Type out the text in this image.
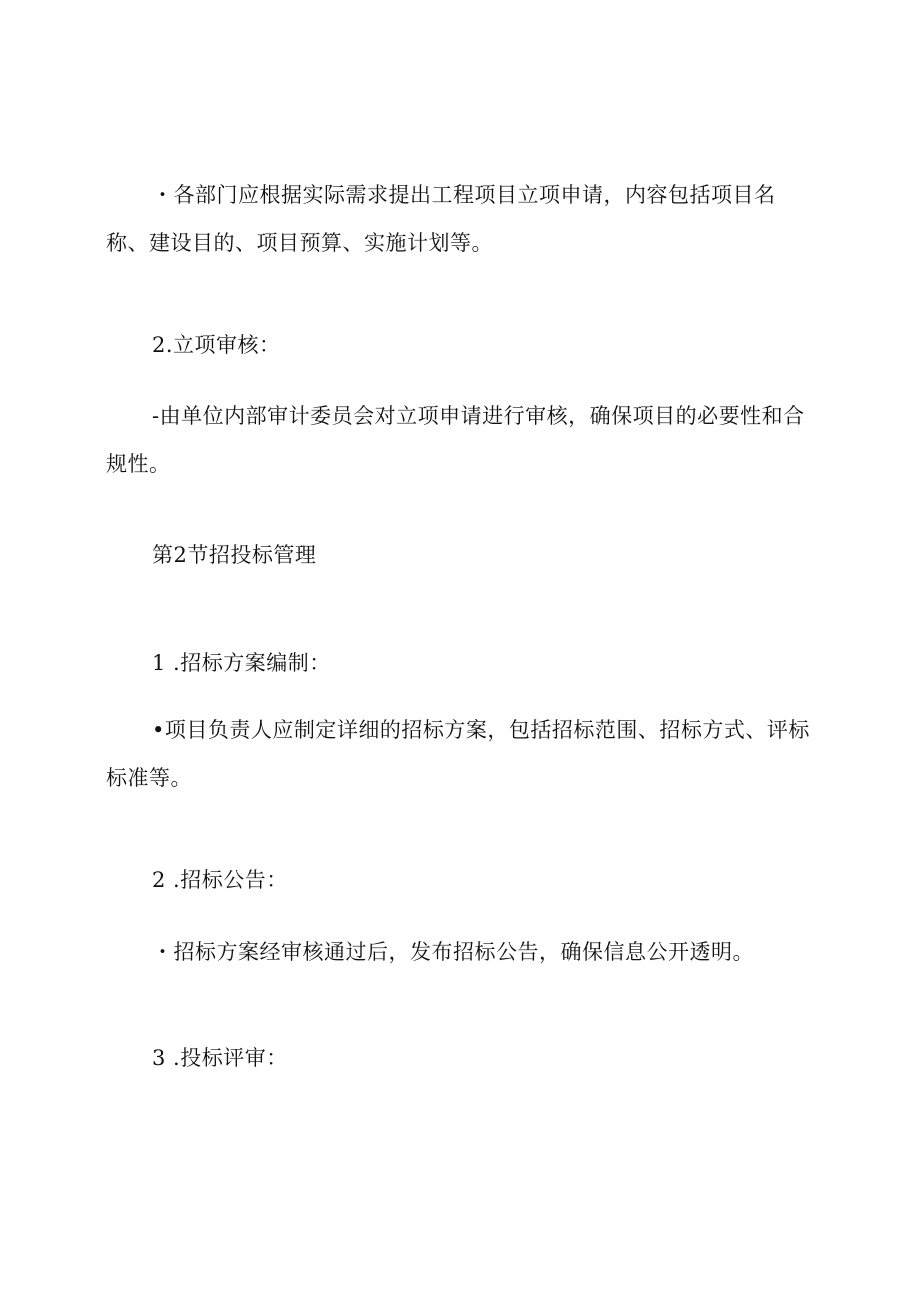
・各部门应根据实际需求提出工程项目立项申请，内容包括项目名
称、建设目的、项目预算、实施计划等。
2.立项审核：
-由单位内部审计委员会对立项申请进行审核，确保项目的必要性和合
规性。
第2节招投标管理
1 .招标方案编制：
•项目负责人应制定详细的招标方案，包括招标范围、招标方式、评标
标准等。
2 .招标公告：
・招标方案经审核通过后，发布招标公告，确保信息公开透明。
3 .投标评审：
